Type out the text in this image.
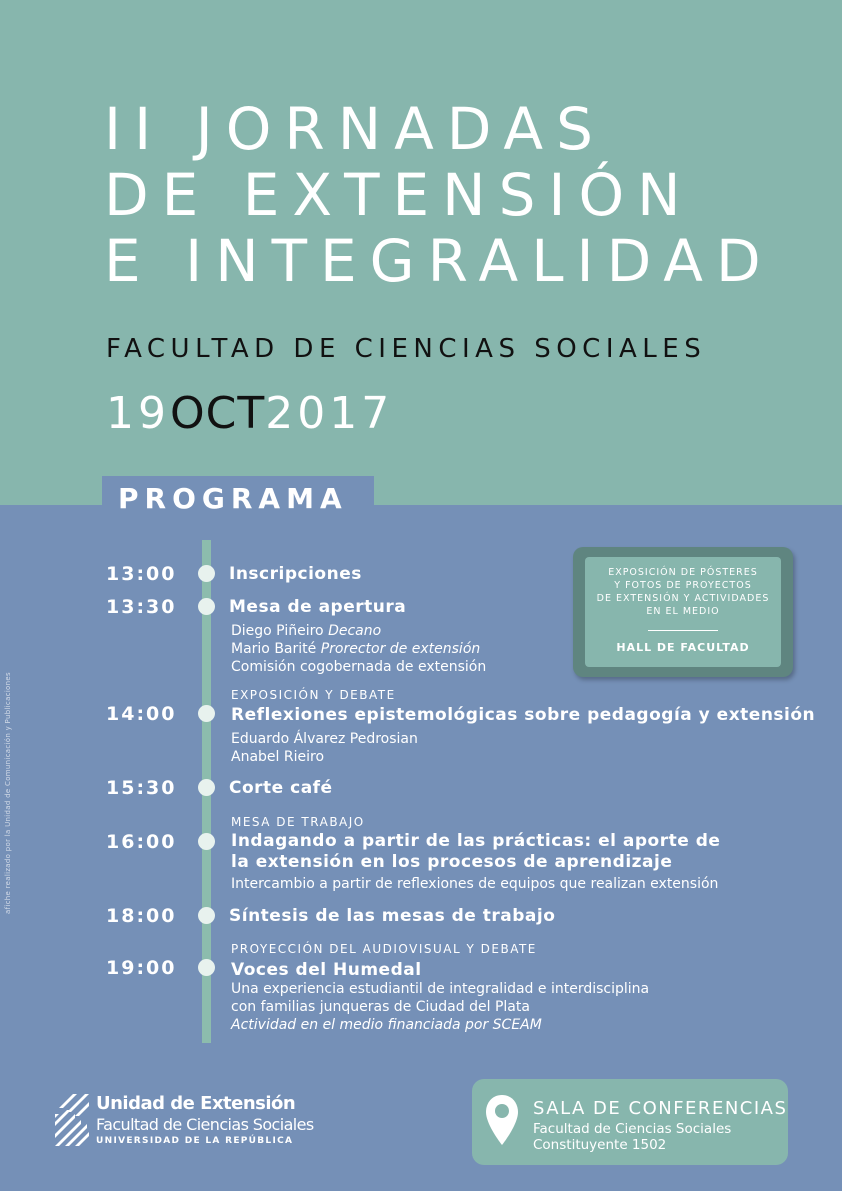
II JORNADAS
DE EXTENSIÓN
E INTEGRALIDAD
FACULTAD DE CIENCIAS SOCIALES
19OCT2017
PROGRAMA
13:00	Inscripciones
13:30	Mesa de apertura
Diego Piñeiro Decano
Mario Barité Prorector de extensión
Comisión cogobernada de extensión
EXPOSICIÓN Y DEBATE
14:00	Reflexiones epistemológicas sobre pedagogía y extensión
Eduardo Álvarez Pedrosian
Anabel Rieiro
15:30	Corte café
MESA DE TRABAJO
16:00	Indagando a partir de las prácticas: el aporte de
la extensión en los procesos de aprendizaje
Intercambio a partir de reflexiones de equipos que realizan extensión
18:00	Síntesis de las mesas de trabajo
PROYECCIÓN DEL AUDIOVISUAL Y DEBATE
19:00	Voces del Humedal
Una experiencia estudiantil de integralidad e interdisciplina
con familias junqueras de Ciudad del Plata
Actividad en el medio financiada por SCEAM
EXPOSICIÓN DE PÓSTERES
Y FOTOS DE PROYECTOS
DE EXTENSIÓN Y ACTIVIDADES
EN EL MEDIO
HALL DE FACULTAD
afiche realizado por la Unidad de Comunicación y Publicaciones
Unidad de Extensión
Facultad de Ciencias Sociales
UNIVERSIDAD DE LA REPÚBLICA
SALA DE CONFERENCIAS
Facultad de Ciencias Sociales
Constituyente 1502
